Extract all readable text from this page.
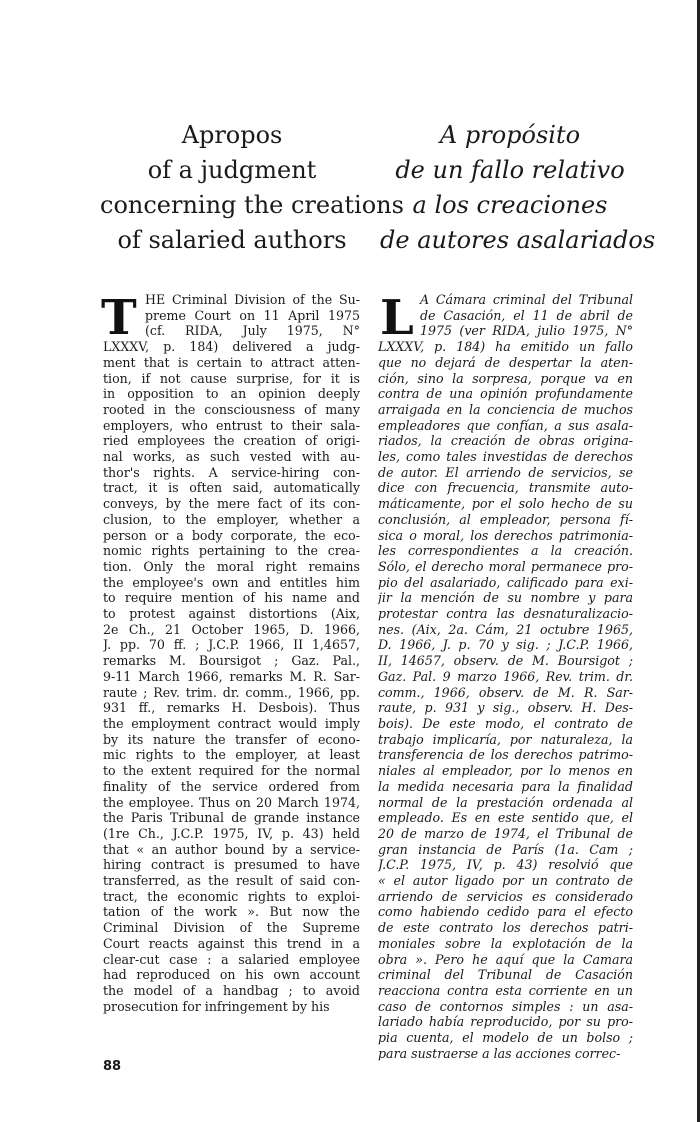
Apropos
of a judgment
concerning the creations
of salaried authors
A propósito
de un fallo relativo
a los creaciones
de autores asalariados
T	L
HE Criminal Division of the Su-
preme Court on 11 April 1975
(cf. RIDA, July 1975, N°
LXXXV, p. 184) delivered a judg-
ment that is certain to attract atten-
tion, if not cause surprise, for it is
in opposition to an opinion deeply
rooted in the consciousness of many
employers, who entrust to their sala-
ried employees the creation of origi-
nal works, as such vested with au-
thor's rights. A service-hiring con-
tract, it is often said, automatically
conveys, by the mere fact of its con-
clusion, to the employer, whether a
person or a body corporate, the eco-
nomic rights pertaining to the crea-
tion. Only the moral right remains
the employee's own and entitles him
to require mention of his name and
to protest against distortions (Aix,
2e Ch., 21 October 1965, D. 1966,
J. pp. 70 ff. ; J.C.P. 1966, II 1,4657,
remarks M. Boursigot ; Gaz. Pal.,
9-11 March 1966, remarks M. R. Sar-
raute ; Rev. trim. dr. comm., 1966, pp.
931 ff., remarks H. Desbois). Thus
the employment contract would imply
by its nature the transfer of econo-
mic rights to the employer, at least
to the extent required for the normal
finality of the service ordered from
the employee. Thus on 20 March 1974,
the Paris Tribunal de grande instance
(1re Ch., J.C.P. 1975, IV, p. 43) held
that « an author bound by a service-
hiring contract is presumed to have
transferred, as the result of said con-
tract, the economic rights to exploi-
tation of the work ». But now the
Criminal Division of the Supreme
Court reacts against this trend in a
clear-cut case : a salaried employee
had reproduced on his own account
the model of a handbag ; to avoid
prosecution for infringement by his
A Cámara criminal del Tribunal
de Casación, el 11 de abril de
1975 (ver RIDA, julio 1975, N°
LXXXV, p. 184) ha emitido un fallo
que no dejará de despertar la aten-
ción, sino la sorpresa, porque va en
contra de una opinión profundamente
arraigada en la conciencia de muchos
empleadores que confían, a sus asala-
riados, la creación de obras origina-
les, como tales investidas de derechos
de autor. El arriendo de servicios, se
dice con frecuencia, transmite auto-
máticamente, por el solo hecho de su
conclusión, al empleador, persona fí-
sica o moral, los derechos patrimonia-
les correspondientes a la creación.
Sólo, el derecho moral permanece pro-
pio del asalariado, calificado para exi-
jir la mención de su nombre y para
protestar contra las desnaturalizacio-
nes. (Aix, 2a. Cám, 21 octubre 1965,
D. 1966, J. p. 70 y sig. ; J.C.P. 1966,
II, 14657, observ. de M. Boursigot ;
Gaz. Pal. 9 marzo 1966, Rev. trim. dr.
comm., 1966, observ. de M. R. Sar-
raute, p. 931 y sig., observ. H. Des-
bois). De este modo, el contrato de
trabajo implicaría, por naturaleza, la
transferencia de los derechos patrimo-
niales al empleador, por lo menos en
la medida necesaria para la finalidad
normal de la prestación ordenada al
empleado. Es en este sentido que, el
20 de marzo de 1974, el Tribunal de
gran instancia de París (1a. Cam ;
J.C.P. 1975, IV, p. 43) resolvió que
« el autor ligado por un contrato de
arriendo de servicios es considerado
como habiendo cedido para el efecto
de este contrato los derechos patri-
moniales sobre la explotación de la
obra ». Pero he aquí que la Camara
criminal del Tribunal de Casación
reacciona contra esta corriente en un
caso de contornos simples : un asa-
lariado había reproducido, por su pro-
pia cuenta, el modelo de un bolso ;
para sustraerse a las acciones correc-
88
